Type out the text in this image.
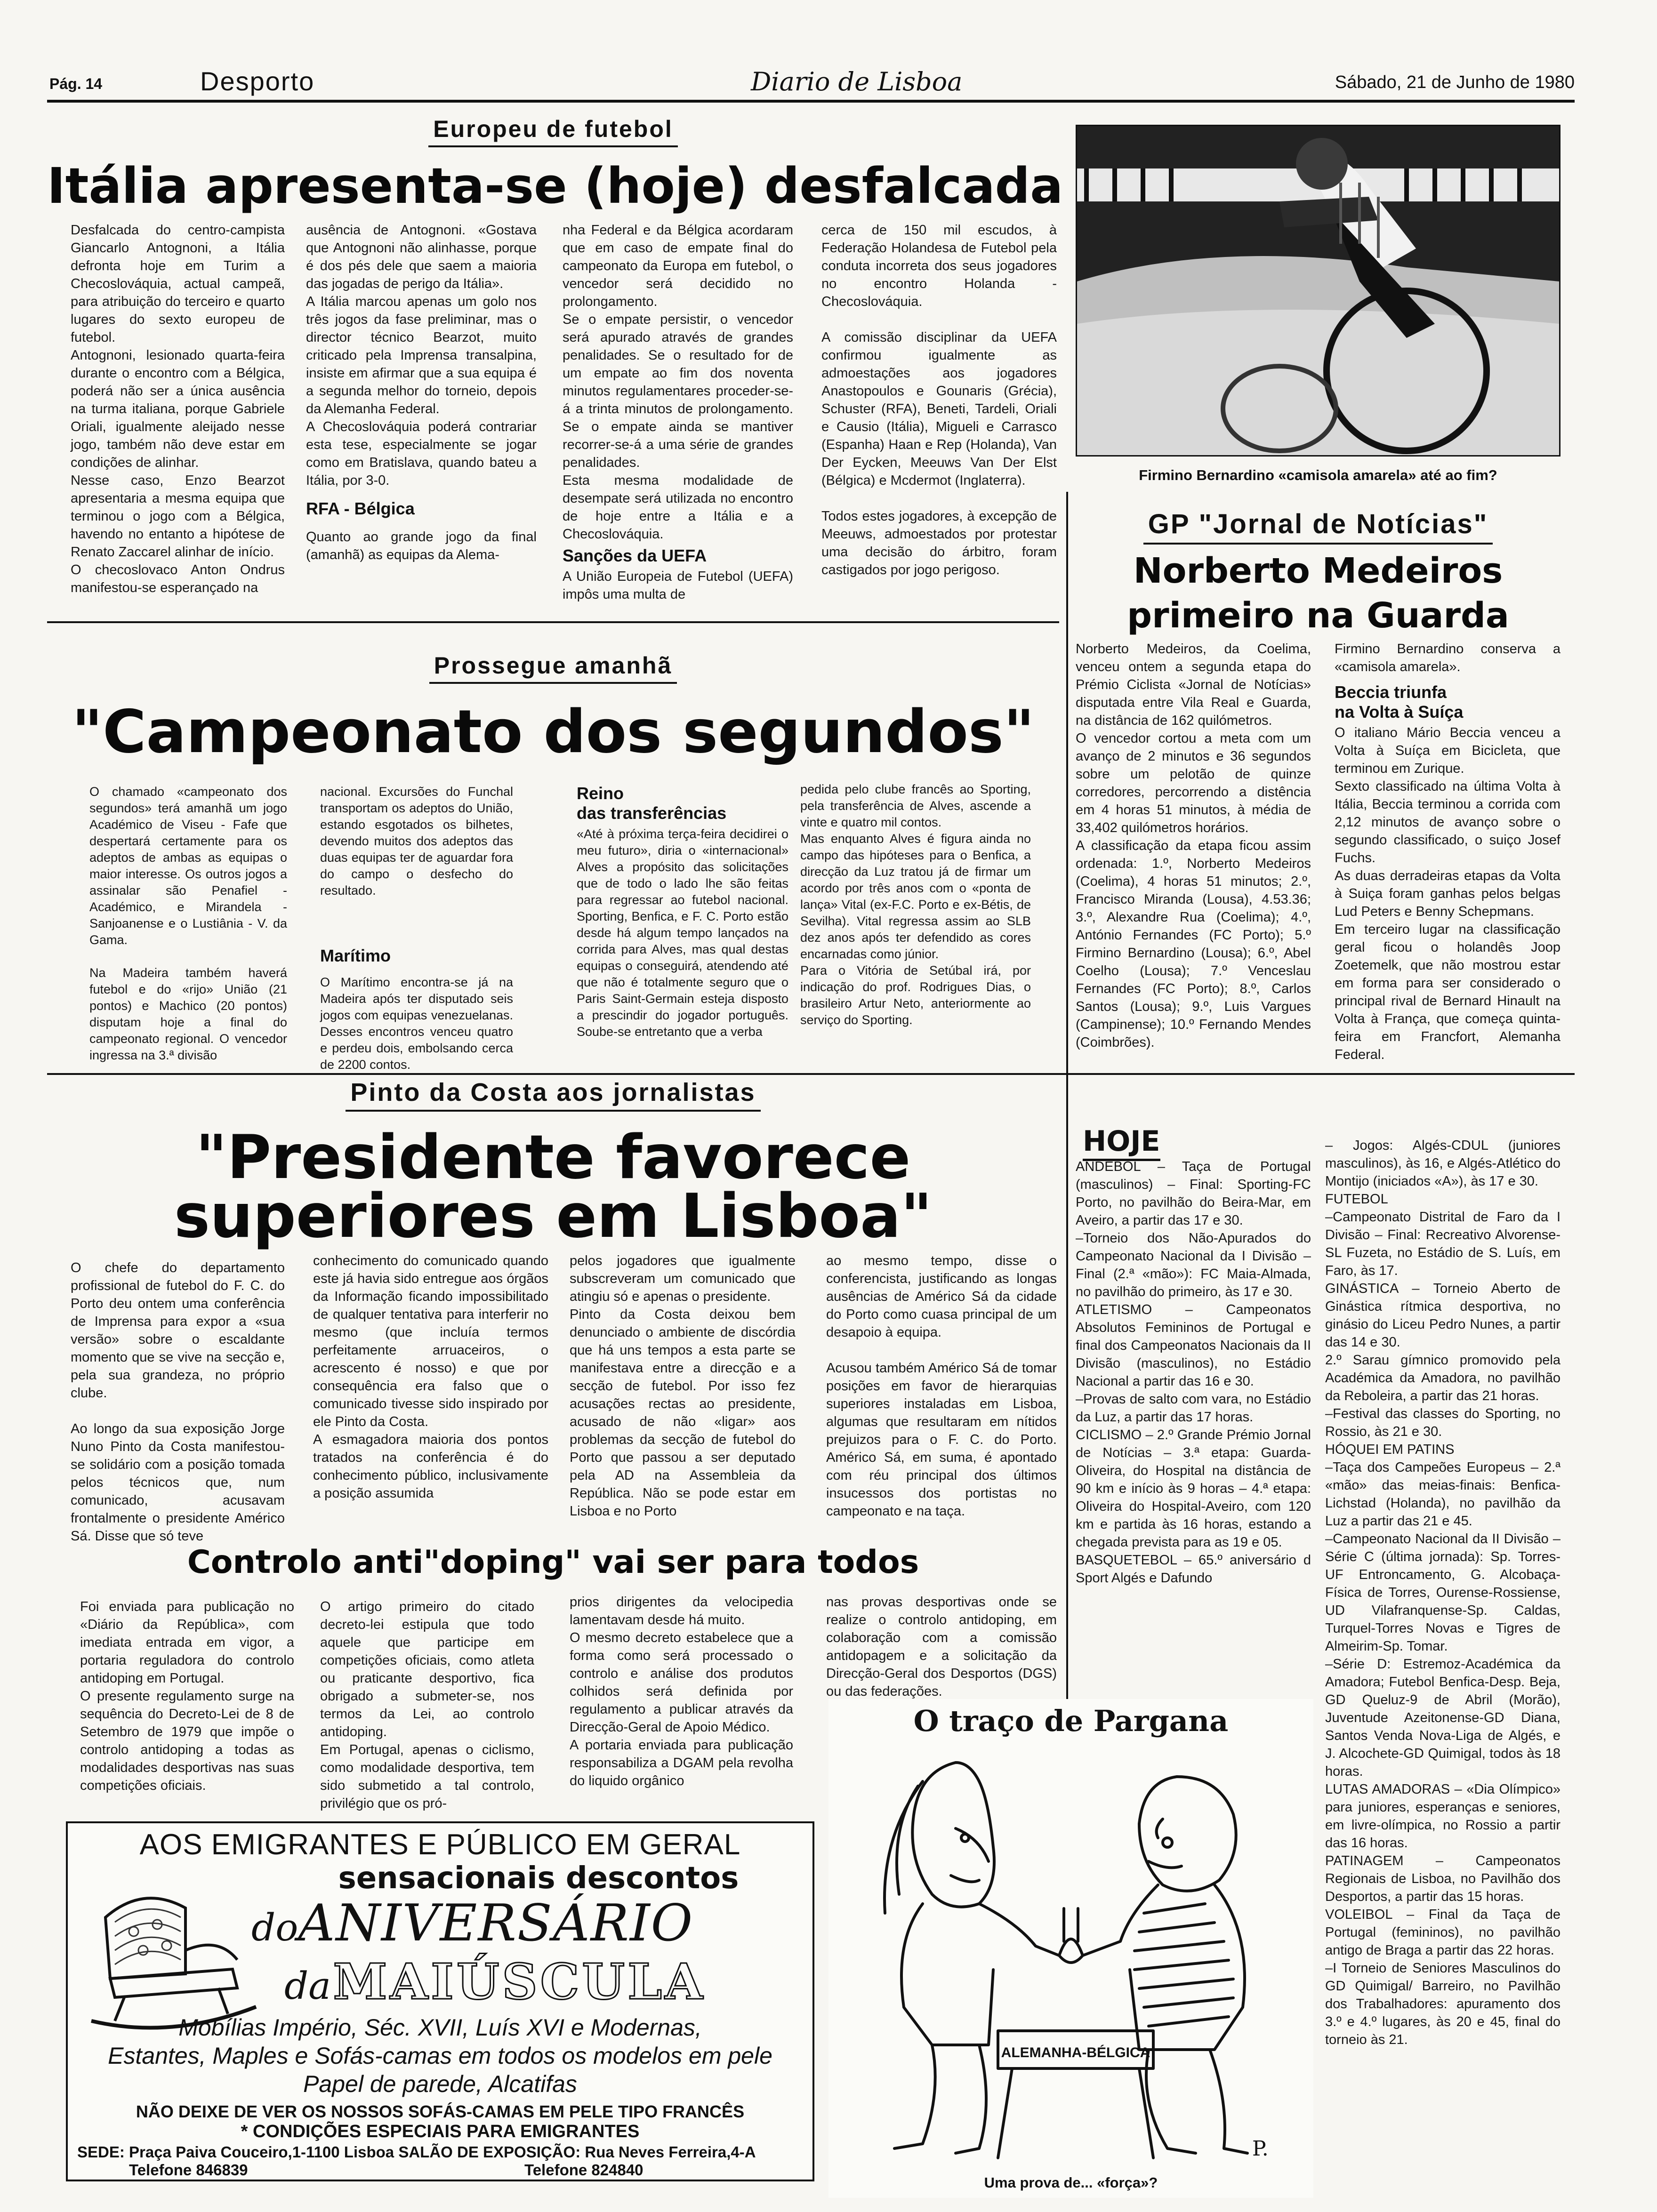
Pág. 14	Desporto	Diario de Lisboa	Sábado, 21 de Junho de 1980
Europeu de futebol
Itália apresenta-se (hoje) desfalcada
Desfalcada do centro-campista Giancarlo Antognoni, a Itália defronta hoje em Turim a Checoslováquia, actual campeã, para atribuição do terceiro e quarto lugares do sexto europeu de futebol.
Antognoni, lesionado quarta-feira durante o encontro com a Bélgica, poderá não ser a única ausência na turma italiana, porque Gabriele Oriali, igualmente aleijado nesse jogo, também não deve estar em condições de alinhar.
Nesse caso, Enzo Bearzot apresentaria a mesma equipa que terminou o jogo com a Bélgica, havendo no entanto a hipótese de Renato Zaccarel alinhar de início.
O checoslovaco Anton Ondrus manifestou-se esperançado na
ausência de Antognoni. «Gostava que Antognoni não alinhasse, porque é dos pés dele que saem a maioria das jogadas de perigo da Itália».
A Itália marcou apenas um golo nos três jogos da fase preliminar, mas o director técnico Bearzot, muito criticado pela Imprensa transalpina, insiste em afirmar que a sua equipa é a segunda melhor do torneio, depois da Alemanha Federal.
A Checoslováquia poderá contrariar esta tese, especialmente se jogar como em Bratislava, quando bateu a Itália, por 3-0.
RFA - Bélgica
Quanto ao grande jogo da final (amanhã) as equipas da Alema-
nha Federal e da Bélgica acordaram que em caso de empate final do campeonato da Europa em futebol, o vencedor será decidido no prolongamento.
Se o empate persistir, o vencedor será apurado através de grandes penalidades. Se o resultado for de um empate ao fim dos noventa minutos regulamentares proceder-se-á a trinta minutos de prolongamento. Se o empate ainda se mantiver recorrer-se-á a uma série de grandes penalidades.
Esta mesma modalidade de desempate será utilizada no encontro de hoje entre a Itália e a Checoslováquia.
Sanções da UEFA
A União Europeia de Futebol (UEFA) impôs uma multa de
cerca de 150 mil escudos, à Federação Holandesa de Futebol pela conduta incorreta dos seus jogadores no encontro Holanda -Checoslováquia.

A comissão disciplinar da UEFA confirmou igualmente as admoestações aos jogadores Anastopoulos e Gounaris (Grécia), Schuster (RFA), Beneti, Tardeli, Oriali e Causio (Itália), Migueli e Carrasco (Espanha) Haan e Rep (Holanda), Van Der Eycken, Meeuws Van Der Elst (Bélgica) e Mcdermot (Inglaterra).

Todos estes jogadores, à excepção de Meeuws, admoestados por protestar uma decisão do árbitro, foram castigados por jogo perigoso.
Firmino Bernardino «camisola amarela» até ao fim?
GP "Jornal de Notícias"
Norberto Medeiros
primeiro na Guarda
Norberto Medeiros, da Coelima, venceu ontem a segunda etapa do Prémio Ciclista «Jornal de Notícias» disputada entre Vila Real e Guarda, na distância de 162 quilómetros.
O vencedor cortou a meta com um avanço de 2 minutos e 36 segundos sobre um pelotão de quinze corredores, percorrendo a distência em 4 horas 51 minutos, à média de 33,402 quilómetros horários.
A classificação da etapa ficou assim ordenada: 1.º, Norberto Medeiros (Coelima), 4 horas 51 minutos; 2.º, Francisco Miranda (Lousa), 4.53.36; 3.º, Alexandre Rua (Coelima); 4.º, António Fernandes (FC Porto); 5.º Firmino Bernardino (Lousa); 6.º, Abel Coelho (Lousa); 7.º Venceslau Fernandes (FC Porto); 8.º, Carlos Santos (Lousa); 9.º, Luis Vargues (Campinense); 10.º Fernando Mendes (Coimbrões).
Firmino Bernardino conserva a «camisola amarela».
Beccia triunfa
na Volta à Suíça
O italiano Mário Beccia venceu a Volta à Suíça em Bicicleta, que terminou em Zurique.
Sexto classificado na última Volta à Itália, Beccia terminou a corrida com 2,12 minutos de avanço sobre o segundo classificado, o suiço Josef Fuchs.
As duas derradeiras etapas da Volta à Suiça foram ganhas pelos belgas Lud Peters e Benny Schepmans.
Em terceiro lugar na classificação geral ficou o holandês Joop Zoetemelk, que não mostrou estar em forma para ser considerado o principal rival de Bernard Hinault na Volta à França, que começa quinta-feira em Francfort, Alemanha Federal.
Prossegue amanhã
"Campeonato dos segundos"
O chamado «campeonato dos segundos» terá amanhã um jogo Académico de Viseu - Fafe que despertará certamente para os adeptos de ambas as equipas o maior interesse. Os outros jogos a assinalar são Penafiel - Académico, e Mirandela -Sanjoanense e o Lustiânia - V. da Gama.

Na Madeira também haverá futebol e do «rijo» União (21 pontos) e Machico (20 pontos) disputam hoje a final do campeonato regional. O vencedor ingressa na 3.ª divisão
nacional. Excursões do Funchal transportam os adeptos do União, estando esgotados os bilhetes, devendo muitos dos adeptos das duas equipas ter de aguardar fora do campo o desfecho do resultado.
Marítimo
O Marítimo encontra-se já na Madeira após ter disputado seis jogos com equipas venezuelanas. Desses encontros venceu quatro e perdeu dois, embolsando cerca de 2200 contos.
Reino
das transferências
«Até à próxima terça-feira decidirei o meu futuro», diria o «internacional» Alves a propósito das solicitações que de todo o lado lhe são feitas para regressar ao futebol nacional. Sporting, Benfica, e F. C. Porto estão desde há algum tempo lançados na corrida para Alves, mas qual destas equipas o conseguirá, atendendo até que não é totalmente seguro que o Paris Saint-Germain esteja disposto a prescindir do jogador português. Soube-se entretanto que a verba
pedida pelo clube francês ao Sporting, pela transferência de Alves, ascende a vinte e quatro mil contos.
Mas enquanto Alves é figura ainda no campo das hipóteses para o Benfica, a direcção da Luz tratou já de firmar um acordo por três anos com o «ponta de lança» Vital (ex-F.C. Porto e ex-Bétis, de Sevilha). Vital regressa assim ao SLB dez anos após ter defendido as cores encarnadas como júnior.
Para o Vitória de Setúbal irá, por indicação do prof. Rodrigues Dias, o brasileiro Artur Neto, anteriormente ao serviço do Sporting.
Pinto da Costa aos jornalistas
"Presidente favorece
superiores em Lisboa"
O chefe do departamento profissional de futebol do F. C. do Porto deu ontem uma conferência de Imprensa para expor a «sua versão» sobre o escaldante momento que se vive na secção e, pela sua grandeza, no próprio clube.

Ao longo da sua exposição Jorge Nuno Pinto da Costa manifestou-se solidário com a posição tomada pelos técnicos que, num comunicado, acusavam frontalmente o presidente Américo Sá. Disse que só teve
conhecimento do comunicado quando este já havia sido entregue aos órgãos da Informação ficando impossibilitado de qualquer tentativa para interferir no mesmo (que incluía termos perfeitamente arruaceiros, o acrescento é nosso) e que por consequência era falso que o comunicado tivesse sido inspirado por ele Pinto da Costa.
A esmagadora maioria dos pontos tratados na conferência é do conhecimento público, inclusivamente a posição assumida
pelos jogadores que igualmente subscreveram um comunicado que atingiu só e apenas o presidente.
Pinto da Costa deixou bem denunciado o ambiente de discórdia que há uns tempos a esta parte se manifestava entre a direcção e a secção de futebol. Por isso fez acusações rectas ao presidente, acusado de não «ligar» aos problemas da secção de futebol do Porto que passou a ser deputado pela AD na Assembleia da República. Não se pode estar em Lisboa e no Porto
ao mesmo tempo, disse o conferencista, justificando as longas ausências de Américo Sá da cidade do Porto como cuasa principal de um desapoio à equipa.

Acusou também Américo Sá de tomar posições em favor de hierarquias superiores instaladas em Lisboa, algumas que resultaram em nítidos prejuizos para o F. C. do Porto. Américo Sá, em suma, é apontado com réu principal dos últimos insucessos dos portistas no campeonato e na taça.
Controlo anti"doping" vai ser para todos
Foi enviada para publicação no «Diário da República», com imediata entrada em vigor, a portaria reguladora do controlo antidoping em Portugal.
O presente regulamento surge na sequência do Decreto-Lei de 8 de Setembro de 1979 que impõe o controlo antidoping a todas as modalidades desportivas nas suas competições oficiais.
O artigo primeiro do citado decreto-lei estipula que todo aquele que participe em competições oficiais, como atleta ou praticante desportivo, fica obrigado a submeter-se, nos termos da Lei, ao controlo antidoping.
Em Portugal, apenas o ciclismo, como modalidade desportiva, tem sido submetido a tal controlo, privilégio que os pró-
prios dirigentes da velocipedia lamentavam desde há muito.
O mesmo decreto estabelece que a forma como será processado o controlo e análise dos produtos colhidos será definida por regulamento a publicar através da Direcção-Geral de Apoio Médico.
A portaria enviada para publicação responsabiliza a DGAM pela revolha do liquido orgânico
nas provas desportivas onde se realize o controlo antidoping, em colaboração com a comissão antidopagem e a solicitação da Direcção-Geral dos Desportos (DGS) ou das federações.
AOS EMIGRANTES E PÚBLICO EM GERAL
sensacionais descontos
doANIVERSÁRIO
da MAIÚSCULA
Mobílias Império, Séc. XVII, Luís XVI e Modernas,
Estantes, Maples e Sofás-camas em todos os modelos em pele
Papel de parede, Alcatifas
NÃO DEIXE DE VER OS NOSSOS SOFÁS-CAMAS EM PELE TIPO FRANCÊS
* CONDIÇÕES ESPECIAIS PARA EMIGRANTES
SEDE: Praça Paiva Couceiro,1-1100 Lisboa SALÃO DE EXPOSIÇÃO: Rua Neves Ferreira,4-A
Telefone 846839	Telefone 824840
HOJE
ANDEBOL – Taça de Portugal (masculinos) – Final: Sporting-FC Porto, no pavilhão do Beira-Mar, em Aveiro, a partir das 17 e 30.
–Torneio dos Não-Apurados do Campeonato Nacional da I Divisão – Final (2.ª «mão»): FC Maia-Almada, no pavilhão do primeiro, às 17 e 30.
ATLETISMO – Campeonatos Absolutos Femininos de Portugal e final dos Campeonatos Nacionais da II Divisão (masculinos), no Estádio Nacional a partir das 16 e 30.
–Provas de salto com vara, no Estádio da Luz, a partir das 17 horas.
CICLISMO – 2.º Grande Prémio Jornal de Notícias – 3.ª etapa: Guarda-Oliveira, do Hospital na distância de 90 km e início às 9 horas – 4.ª etapa: Oliveira do Hospital-Aveiro, com 120 km e partida às 16 horas, estando a chegada prevista para as 19 e 05.
BASQUETEBOL – 65.º aniversário d Sport Algés e Dafundo
– Jogos: Algés-CDUL (juniores masculinos), às 16, e Algés-Atlético do Montijo (iniciados «A»), às 17 e 30.
FUTEBOL
–Campeonato Distrital de Faro da I Divisão – Final: Recreativo Alvorense-SL Fuzeta, no Estádio de S. Luís, em Faro, às 17.
GINÁSTICA – Torneio Aberto de Ginástica rítmica desportiva, no ginásio do Liceu Pedro Nunes, a partir das 14 e 30.
2.º Sarau gímnico promovido pela Académica da Amadora, no pavilhão da Reboleira, a partir das 21 horas.
–Festival das classes do Sporting, no Rossio, às 21 e 30.
HÓQUEI EM PATINS
–Taça dos Campeões Europeus – 2.ª «mão» das meias-finais: Benfica-Lichstad (Holanda), no pavilhão da Luz a partir das 21 e 45.
–Campeonato Nacional da II Divisão – Série C (última jornada): Sp. Torres-UF Entroncamento, G. Alcobaça-Física de Torres, Ourense-Rossiense, UD Vilafranquense-Sp. Caldas, Turquel-Torres Novas e Tigres de Almeirim-Sp. Tomar.
–Série D: Estremoz-Académica da Amadora; Futebol Benfica-Desp. Beja, GD Queluz-9 de Abril (Morão), Juventude Azeitonense-GD Diana, Santos Venda Nova-Liga de Algés, e J. Alcochete-GD Quimigal, todos às 18 horas.
LUTAS AMADORAS – «Dia Olímpico» para juniores, esperanças e seniores, em livre-olímpica, no Rossio a partir das 16 horas.
PATINAGEM – Campeonatos Regionais de Lisboa, no Pavilhão dos Desportos, a partir das 15 horas.
VOLEIBOL – Final da Taça de Portugal (femininos), no pavilhão antigo de Braga a partir das 22 horas.
–I Torneio de Seniores Masculinos do GD Quimigal/ Barreiro, no Pavilhão dos Trabalhadores: apuramento dos 3.º e 4.º lugares, às 20 e 45, final do torneio às 21.
O traço de Pargana
ALEMANHA-BÉLGICA
P.
Uma prova de... «força»?
